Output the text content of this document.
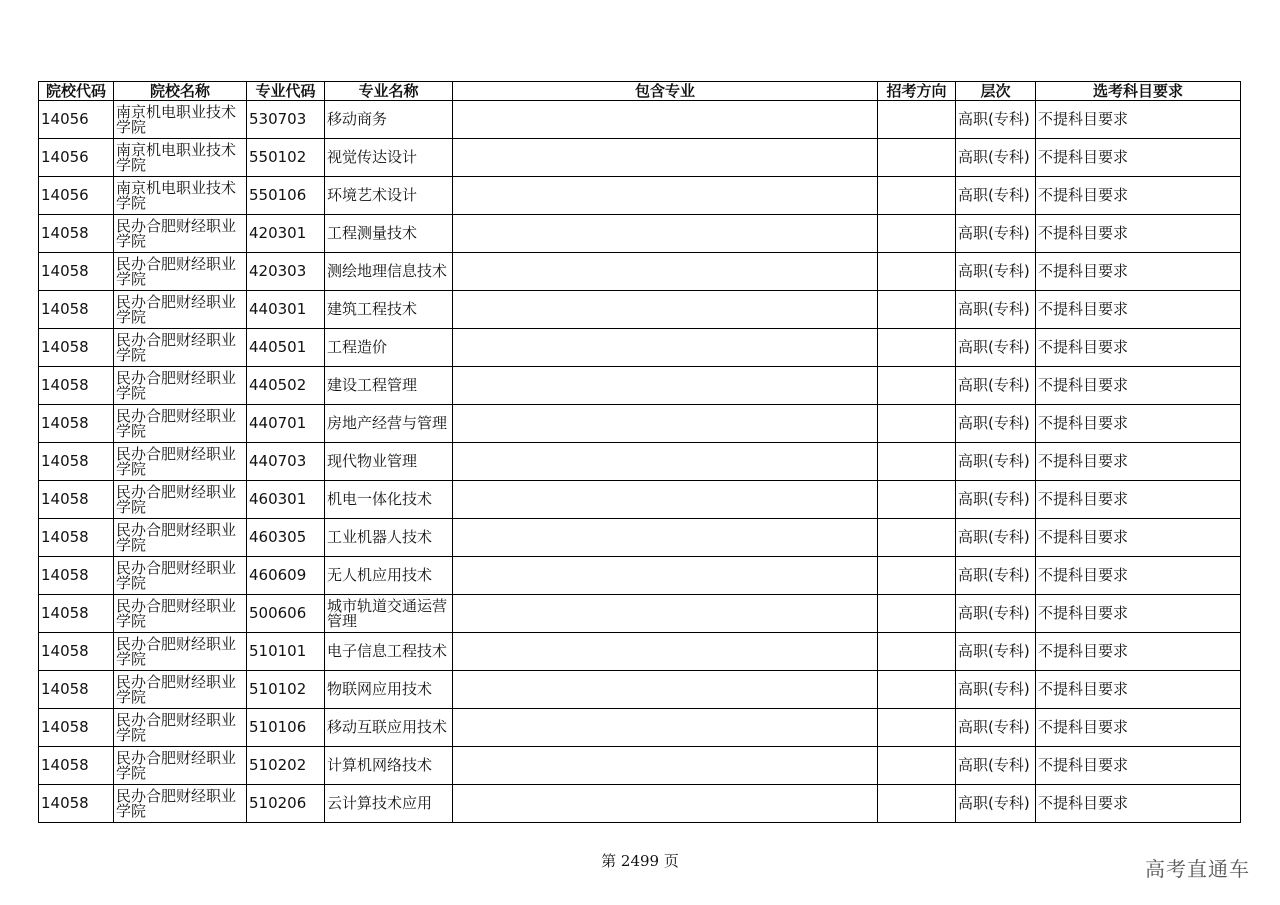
院校代码	院校名称	专业代码	专业名称	包含专业	招考方向	层次	选考科目要求
14056	南京机电职业技术学院	530703	移动商务			高职(专科)	不提科目要求
14056	南京机电职业技术学院	550102	视觉传达设计			高职(专科)	不提科目要求
14056	南京机电职业技术学院	550106	环境艺术设计			高职(专科)	不提科目要求
14058	民办合肥财经职业学院	420301	工程测量技术			高职(专科)	不提科目要求
14058	民办合肥财经职业学院	420303	测绘地理信息技术			高职(专科)	不提科目要求
14058	民办合肥财经职业学院	440301	建筑工程技术			高职(专科)	不提科目要求
14058	民办合肥财经职业学院	440501	工程造价			高职(专科)	不提科目要求
14058	民办合肥财经职业学院	440502	建设工程管理			高职(专科)	不提科目要求
14058	民办合肥财经职业学院	440701	房地产经营与管理			高职(专科)	不提科目要求
14058	民办合肥财经职业学院	440703	现代物业管理			高职(专科)	不提科目要求
14058	民办合肥财经职业学院	460301	机电一体化技术			高职(专科)	不提科目要求
14058	民办合肥财经职业学院	460305	工业机器人技术			高职(专科)	不提科目要求
14058	民办合肥财经职业学院	460609	无人机应用技术			高职(专科)	不提科目要求
14058	民办合肥财经职业学院	500606	城市轨道交通运营管理			高职(专科)	不提科目要求
14058	民办合肥财经职业学院	510101	电子信息工程技术			高职(专科)	不提科目要求
14058	民办合肥财经职业学院	510102	物联网应用技术			高职(专科)	不提科目要求
14058	民办合肥财经职业学院	510106	移动互联应用技术			高职(专科)	不提科目要求
14058	民办合肥财经职业学院	510202	计算机网络技术			高职(专科)	不提科目要求
14058	民办合肥财经职业学院	510206	云计算技术应用			高职(专科)	不提科目要求
第 2499 页	高考直通车
